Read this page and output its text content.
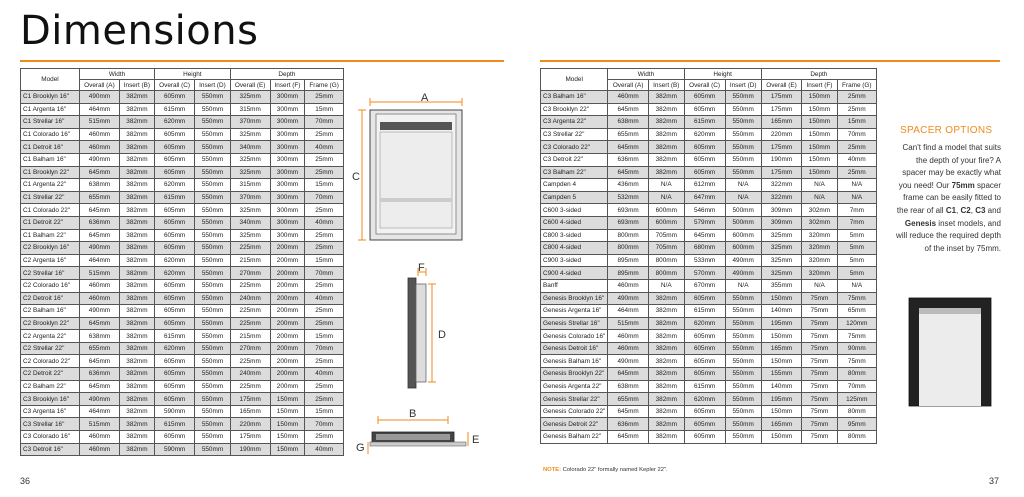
Dimensions
Model	Width		Height		Depth		
	Overall (A)	Insert (B)	Overall (C)	Insert (D)	Overall (E)	Insert (F)	Frame (G)
C1 Brooklyn 16"	490mm	382mm	605mm	550mm	325mm	300mm	25mm
C1 Argenta 16"	464mm	382mm	615mm	550mm	315mm	300mm	15mm
C1 Strellar 16"	515mm	382mm	620mm	550mm	370mm	300mm	70mm
C1 Colorado 16"	460mm	382mm	605mm	550mm	325mm	300mm	25mm
C1 Detroit 16"	460mm	382mm	605mm	550mm	340mm	300mm	40mm
C1 Balham 16"	490mm	382mm	605mm	550mm	325mm	300mm	25mm
C1 Brooklyn 22"	645mm	382mm	605mm	550mm	325mm	300mm	25mm
C1 Argenta 22"	638mm	382mm	620mm	550mm	315mm	300mm	15mm
C1 Strellar 22"	655mm	382mm	615mm	550mm	370mm	300mm	70mm
C1 Colorado 22"	645mm	382mm	605mm	550mm	325mm	300mm	25mm
C1 Detroit 22"	636mm	382mm	605mm	550mm	340mm	300mm	40mm
C1 Balham 22"	645mm	382mm	605mm	550mm	325mm	300mm	25mm
C2 Brooklyn 16"	490mm	382mm	605mm	550mm	225mm	200mm	25mm
C2 Argenta 16"	464mm	382mm	620mm	550mm	215mm	200mm	15mm
C2 Strellar 16"	515mm	382mm	620mm	550mm	270mm	200mm	70mm
C2 Colorado 16"	460mm	382mm	605mm	550mm	225mm	200mm	25mm
C2 Detroit 16"	460mm	382mm	605mm	550mm	240mm	200mm	40mm
C2 Balham 16"	490mm	382mm	605mm	550mm	225mm	200mm	25mm
C2 Brooklyn 22"	645mm	382mm	605mm	550mm	225mm	200mm	25mm
C2 Argenta 22"	638mm	382mm	615mm	550mm	215mm	200mm	15mm
C2 Strellar 22"	655mm	382mm	620mm	550mm	270mm	200mm	70mm
C2 Colorado 22"	645mm	382mm	605mm	550mm	225mm	200mm	25mm
C2 Detroit 22"	636mm	382mm	605mm	550mm	240mm	200mm	40mm
C2 Balham 22"	645mm	382mm	605mm	550mm	225mm	200mm	25mm
C3 Brooklyn 16"	490mm	382mm	605mm	550mm	175mm	150mm	25mm
C3 Argenta 16"	464mm	382mm	590mm	550mm	165mm	150mm	15mm
C3 Strellar 16"	515mm	382mm	615mm	550mm	220mm	150mm	70mm
C3 Colorado 16"	460mm	382mm	605mm	550mm	175mm	150mm	25mm
C3 Detroit 16"	460mm	382mm	590mm	550mm	190mm	150mm	40mm
Model	Width		Height		Depth		
	Overall (A)	Insert (B)	Overall (C)	Insert (D)	Overall (E)	Insert (F)	Frame (G)
C3 Balham 16"	460mm	382mm	605mm	550mm	175mm	150mm	25mm
C3 Brooklyn 22"	645mm	382mm	605mm	550mm	175mm	150mm	25mm
C3 Argenta 22"	638mm	382mm	615mm	550mm	165mm	150mm	15mm
C3 Strellar 22"	655mm	382mm	620mm	550mm	220mm	150mm	70mm
C3 Colorado 22"	645mm	382mm	605mm	550mm	175mm	150mm	25mm
C3 Detroit 22"	636mm	382mm	605mm	550mm	190mm	150mm	40mm
C3 Balham 22"	645mm	382mm	605mm	550mm	175mm	150mm	25mm
Campden 4	436mm	N/A	612mm	N/A	322mm	N/A	N/A
Campden 5	532mm	N/A	647mm	N/A	322mm	N/A	N/A
C600 3-sided	693mm	600mm	546mm	500mm	309mm	302mm	7mm
C600 4-sided	693mm	600mm	579mm	500mm	309mm	302mm	7mm
C800 3-sided	800mm	705mm	645mm	600mm	325mm	320mm	5mm
C800 4-sided	800mm	705mm	680mm	600mm	325mm	320mm	5mm
C900 3-sided	895mm	800mm	533mm	490mm	325mm	320mm	5mm
C900 4-sided	895mm	800mm	570mm	490mm	325mm	320mm	5mm
Banff	460mm	N/A	670mm	N/A	355mm	N/A	N/A
Genesis Brooklyn 16"	490mm	382mm	605mm	550mm	150mm	75mm	75mm
Genesis Argenta 16"	464mm	382mm	615mm	550mm	140mm	75mm	65mm
Genesis Strellar 16"	515mm	382mm	620mm	550mm	195mm	75mm	120mm
Genesis Colorado 16"	460mm	382mm	605mm	550mm	150mm	75mm	75mm
Genesis Detroit 16"	460mm	382mm	605mm	550mm	165mm	75mm	90mm
Genesis Balham 16"	490mm	382mm	605mm	550mm	150mm	75mm	75mm
Genesis Brooklyn 22"	645mm	382mm	605mm	550mm	155mm	75mm	80mm
Genesis Argenta 22"	638mm	382mm	615mm	550mm	140mm	75mm	70mm
Genesis Strellar 22"	655mm	382mm	620mm	550mm	195mm	75mm	125mm
Genesis Colorado 22"	645mm	382mm	605mm	550mm	150mm	75mm	80mm
Genesis Detroit 22"	636mm	382mm	605mm	550mm	165mm	75mm	95mm
Genesis Balham 22"	645mm	382mm	605mm	550mm	150mm	75mm	80mm
A
C
F
D
B
E
G
SPACER OPTIONS
Can't find a model that suits the depth of your fire? A spacer may be exactly what you need! Our 75mm spacer frame can be easily fitted to the rear of all C1, C2, C3 and Genesis inset models, and will reduce the required depth of the inset by 75mm.
NOTE: Colorado 22" formally named Kepler 22".
36	37
